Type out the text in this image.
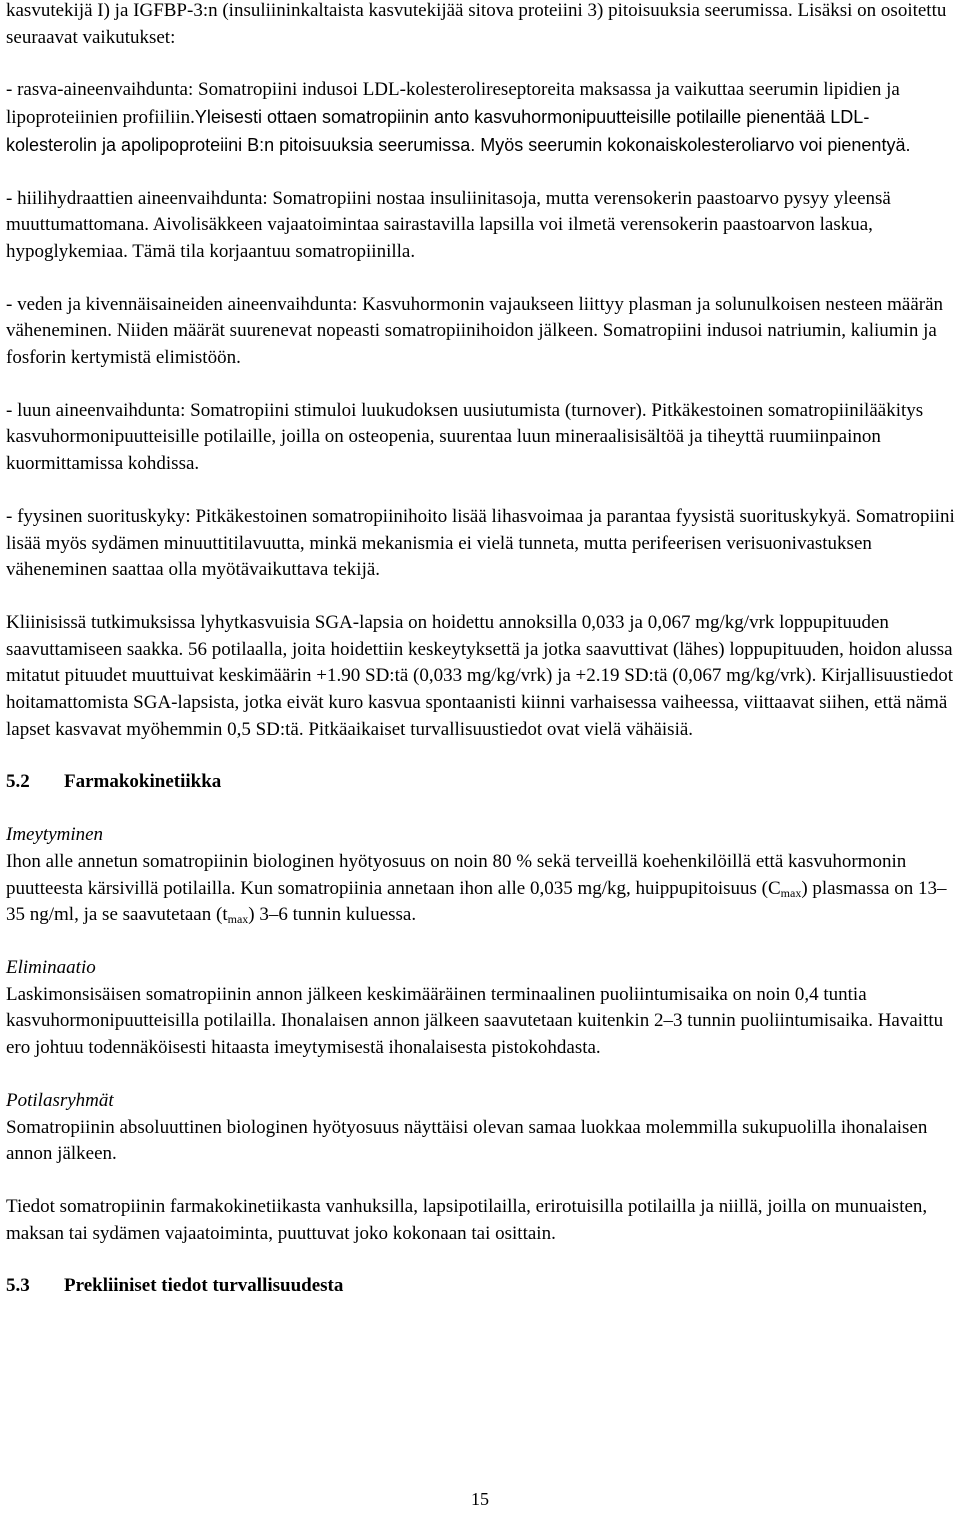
kasvutekijä I) ja IGFBP-3:n (insuliininkaltaista kasvutekijää sitova proteiini 3) pitoisuuksia seerumissa. Lisäksi on osoitettu seuraavat vaikutukset:

- rasva-aineenvaihdunta: Somatropiini indusoi LDL-kolesterolireseptoreita maksassa ja vaikuttaa seerumin lipidien ja lipoproteiinien profiiliin.Yleisesti ottaen somatropiinin anto kasvuhormonipuutteisille potilaille pienentää LDL-kolesterolin ja apolipoproteiini B:n pitoisuuksia seerumissa. Myös seerumin kokonaiskolesteroliarvo voi pienentyä.

- hiilihydraattien aineenvaihdunta: Somatropiini nostaa insuliinitasoja, mutta verensokerin paastoarvo pysyy yleensä muuttumattomana. Aivolisäkkeen vajaatoimintaa sairastavilla lapsilla voi ilmetä verensokerin paastoarvon laskua, hypoglykemiaa. Tämä tila korjaantuu somatropiinilla.

- veden ja kivennäisaineiden aineenvaihdunta: Kasvuhormonin vajaukseen liittyy plasman ja solunulkoisen nesteen määrän väheneminen. Niiden määrät suurenevat nopeasti somatropiinihoidon jälkeen. Somatropiini indusoi natriumin, kaliumin ja fosforin kertymistä elimistöön.

- luun aineenvaihdunta: Somatropiini stimuloi luukudoksen uusiutumista (turnover). Pitkäkestoinen somatropiinilääkitys kasvuhormonipuutteisille potilaille, joilla on osteopenia, suurentaa luun mineraalisisältöä ja tiheyttä ruumiinpainon kuormittamissa kohdissa.

- fyysinen suorituskyky: Pitkäkestoinen somatropiinihoito lisää lihasvoimaa ja parantaa fyysistä suorituskykyä. Somatropiini lisää myös sydämen minuuttitilavuutta, minkä mekanismia ei vielä tunneta, mutta perifeerisen verisuonivastuksen väheneminen saattaa olla myötävaikuttava tekijä.

Kliinisissä tutkimuksissa lyhytkasvuisia SGA-lapsia on hoidettu annoksilla 0,033 ja 0,067 mg/kg/vrk loppupituuden saavuttamiseen saakka. 56 potilaalla, joita hoidettiin keskeytyksettä ja jotka saavuttivat (lähes) loppupituuden, hoidon alussa mitatut pituudet muuttuivat keskimäärin +1.90 SD:tä (0,033 mg/kg/vrk) ja +2.19 SD:tä (0,067 mg/kg/vrk). Kirjallisuustiedot hoitamattomista SGA-lapsista, jotka eivät kuro kasvua spontaanisti kiinni varhaisessa vaiheessa, viittaavat siihen, että nämä lapset kasvavat myöhemmin 0,5 SD:tä. Pitkäaikaiset turvallisuustiedot ovat vielä vähäisiä.

5.2	Farmakokinetiikka

Imeytyminen

Ihon alle annetun somatropiinin biologinen hyötyosuus on noin 80 % sekä terveillä koehenkilöillä että kasvuhormonin puutteesta kärsivillä potilailla. Kun somatropiinia annetaan ihon alle 0,035 mg/kg, huippupitoisuus $(C_{max})$ plasmassa on 13–35 ng/ml, ja se saavutetaan $(t_{max})$ 3–6 tunnin kuluessa.

Eliminaatio

Laskimonsisäisen somatropiinin annon jälkeen keskimääräinen terminaalinen puoliintumisaika on noin 0,4 tuntia kasvuhormonipuutteisilla potilailla. Ihonalaisen annon jälkeen saavutetaan kuitenkin 2–3 tunnin puoliintumisaika. Havaittu ero johtuu todennäköisesti hitaasta imeytymisestä ihonalaisesta pistokohdasta.

Potilasryhmät

Somatropiinin absoluuttinen biologinen hyötyosuus näyttäisi olevan samaa luokkaa molemmilla sukupuolilla ihonalaisen annon jälkeen.

Tiedot somatropiinin farmakokinetiikasta vanhuksilla, lapsipotilailla, erirotuisilla potilailla ja niillä, joilla on munuaisten, maksan tai sydämen vajaatoiminta, puuttuvat joko kokonaan tai osittain.

5.3	Prekliiniset tiedot turvallisuudesta
15
